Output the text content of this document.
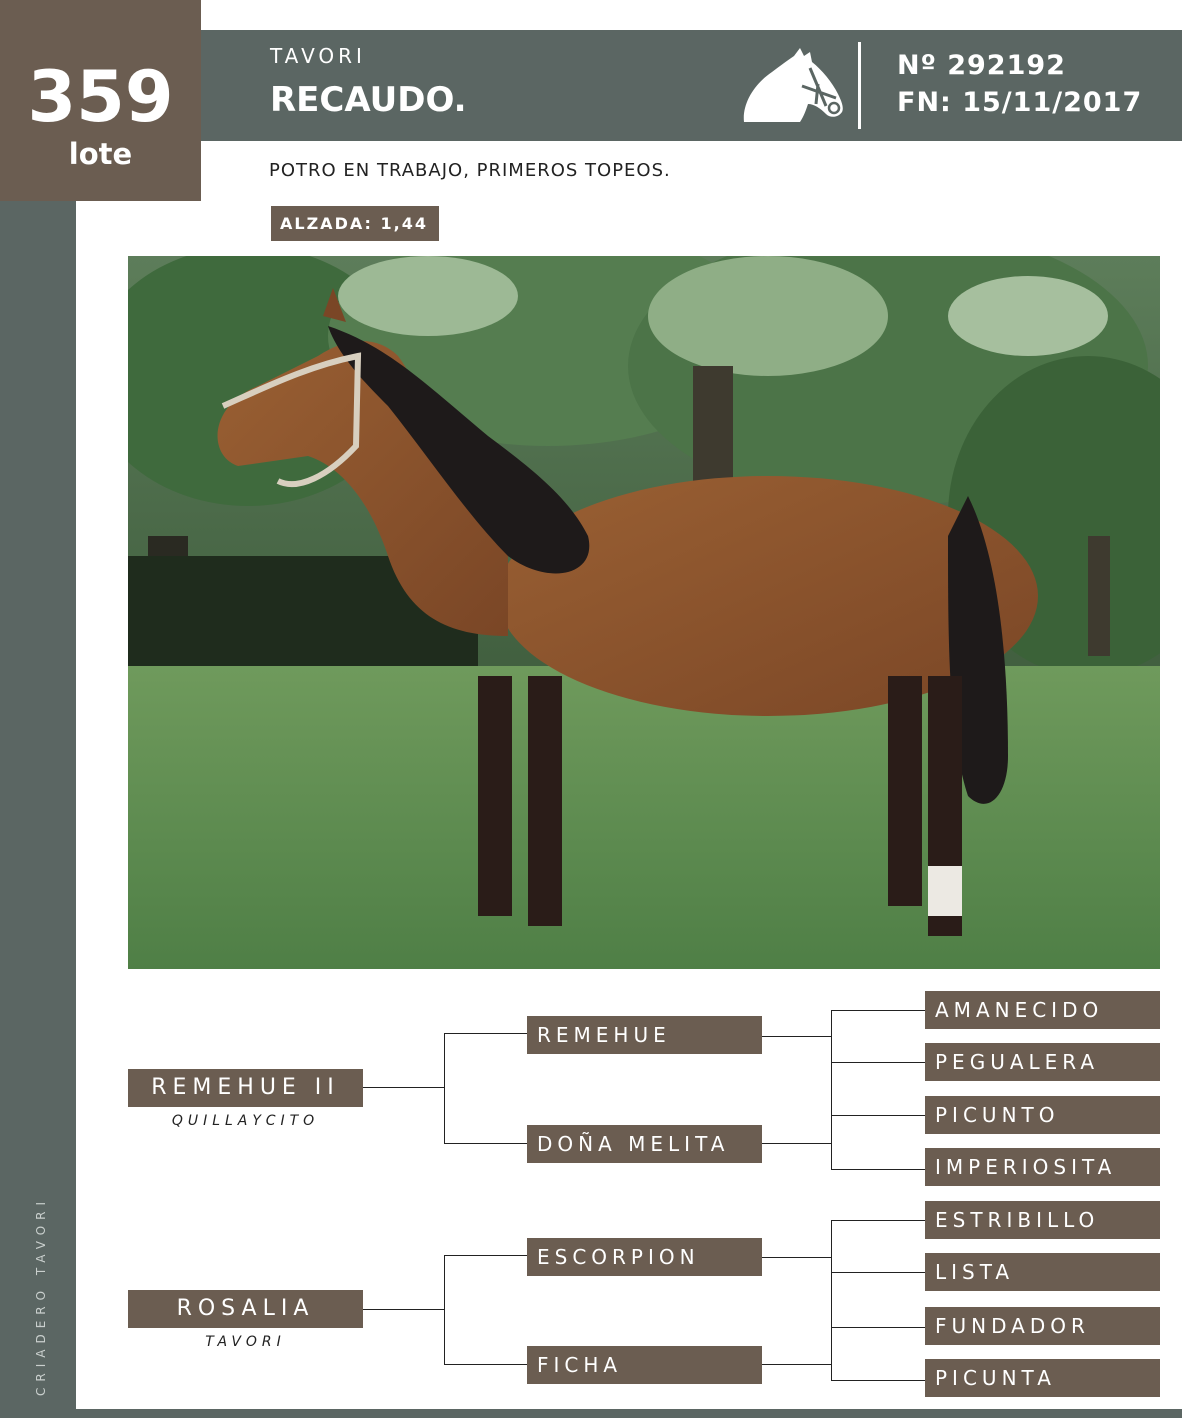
CRIADERO TAVORI
359
lote
TAVORI
RECAUDO.
Nº 292192
FN: 15/11/2017
POTRO EN TRABAJO, PRIMEROS TOPEOS.
ALZADA: 1,44
REMEHUE II
QUILLAYCITO
REMEHUE
DOÑA MELITA
AMANECIDO
PEGUALERA
PICUNTO
IMPERIOSITA
ROSALIA
TAVORI
ESCORPION
FICHA
ESTRIBILLO
LISTA
FUNDADOR
PICUNTA
